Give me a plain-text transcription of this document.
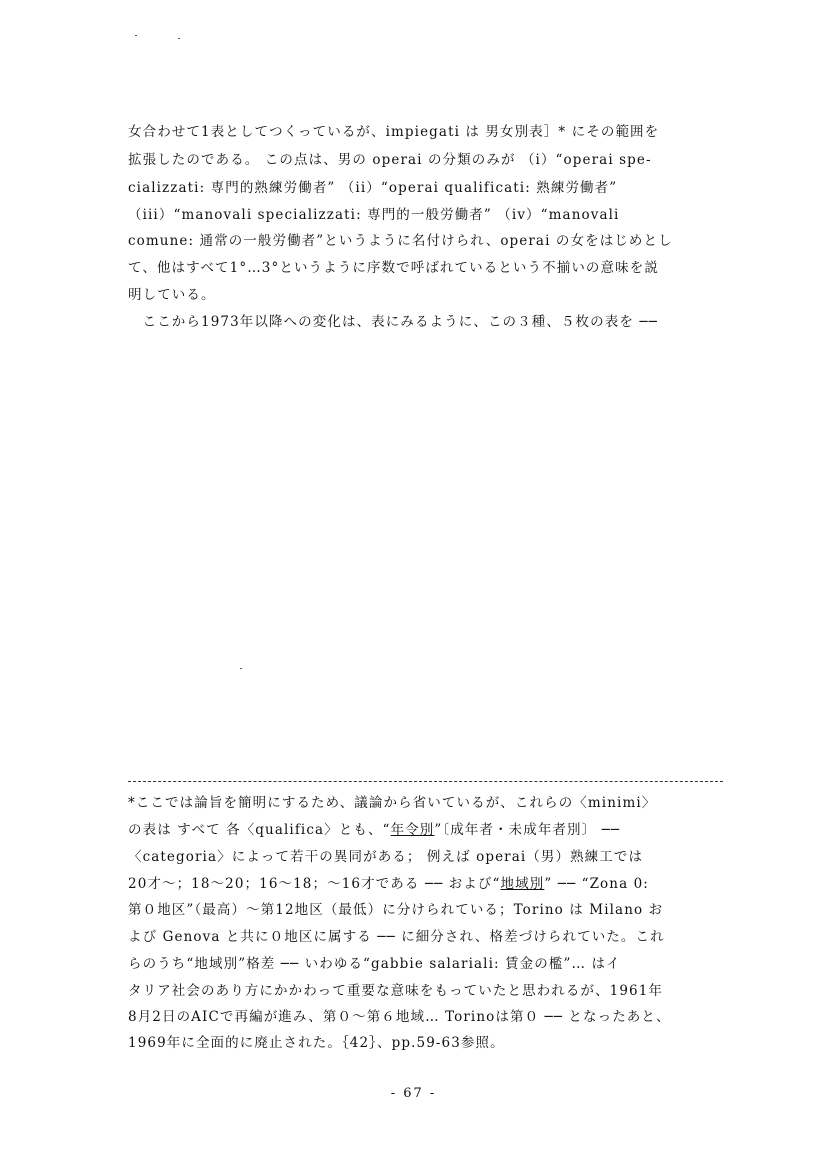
女合わせて1表としてつくっているが、impiegati は 男女別表］* にその範囲を
拡張したのである。 この点は、男の operai の分類のみが （i）“operai spe-
cializzati: 専門的熟練労働者” （ii）“operai qualificati: 熟練労働者”
（iii）“manovali specializzati: 専門的一般労働者” （iv）“manovali
comune: 通常の一般労働者”というように名付けられ、operai の女をはじめとし
て、他はすべて1°…3°というように序数で呼ばれているという不揃いの意味を説
明している。
　ここから1973年以降への変化は、表にみるように、この３種、５枚の表を ──
*ここでは論旨を簡明にするため、議論から省いているが、これらの〈minimi〉
の表は すべて 各〈qualifica〉とも、“年令別”〔成年者・未成年者別〕 ──
〈categoria〉によって若干の異同がある； 例えば operai（男）熟練工では
20才～；18～20；16～18；～16才である ── および“地域別” ── “Zona 0:
第０地区”（最高）～第12地区（最低）に分けられている；Torino は Milano お
よび Genova と共に０地区に属する ── に細分され、格差づけられていた。これ
らのうち“地域別”格差 ── いわゆる“gabbie salariali: 賃金の檻”… はイ
タリア社会のあり方にかかわって重要な意味をもっていたと思われるが、1961年
8月2日のAICで再編が進み、第０～第６地域… Torinoは第０ ── となったあと、
1969年に全面的に廃止された。｛42｝、pp.59-63参照。
- 67 -
